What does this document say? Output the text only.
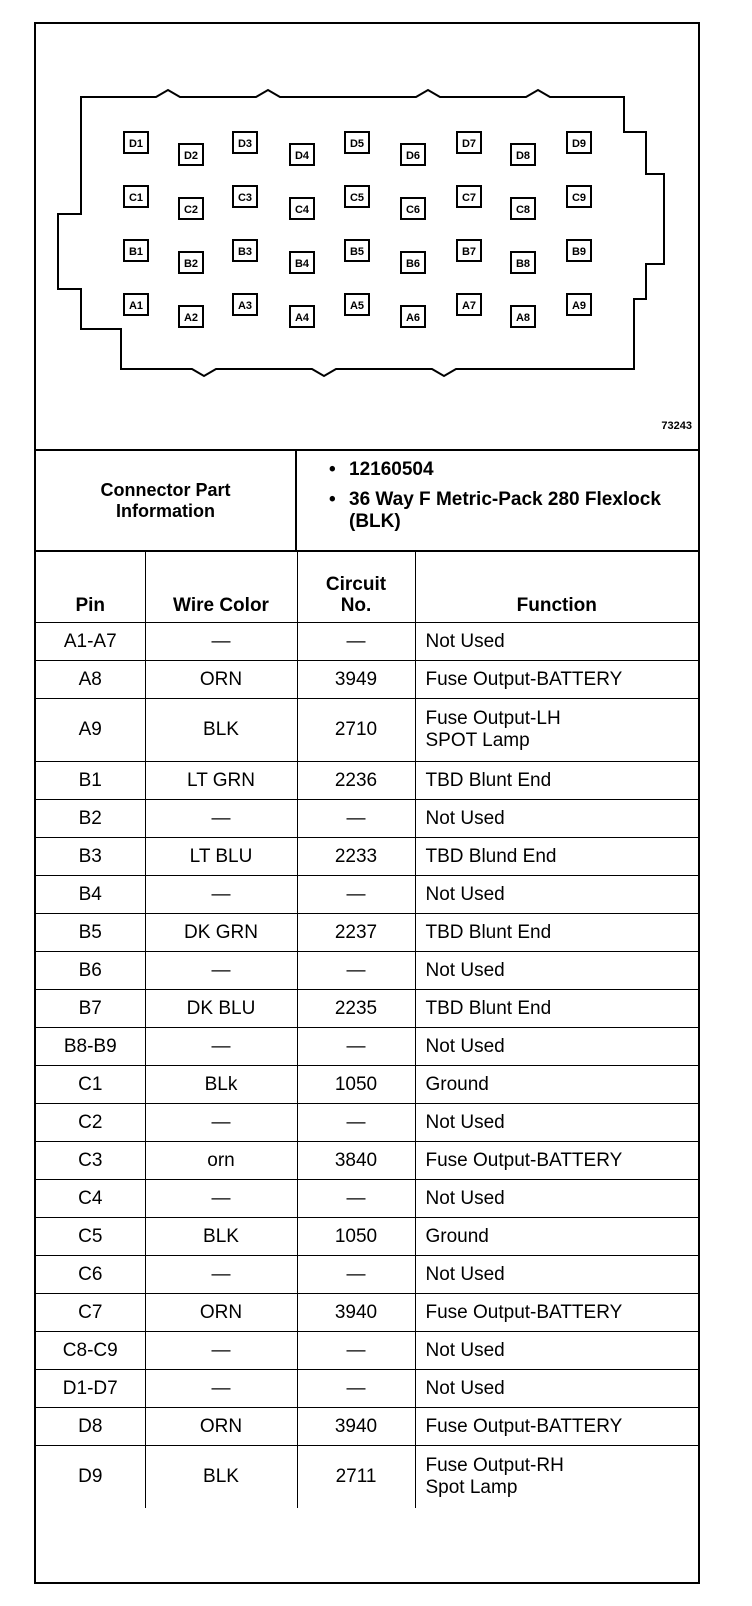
D1
D2
D3
D4
D5
D6
D7
D8
D9
C1
C2
C3
C4
C5
C6
C7
C8
C9
B1
B2
B3
B4
B5
B6
B7
B8
B9
A1
A2
A3
A4
A5
A6
A7
A8
A9
73243
Connector Part Information
• 12160504
• 36 Way F Metric-Pack 280 Flexlock (BLK)
Pin	Wire Color	Circuit No.	Function
A1-A7	—	—	Not Used
A8	ORN	3949	Fuse Output-BATTERY
A9	BLK	2710	Fuse Output-LH
SPOT Lamp
B1	LT GRN	2236	TBD Blunt End
B2	—	—	Not Used
B3	LT BLU	2233	TBD Blund End
B4	—	—	Not Used
B5	DK GRN	2237	TBD Blunt End
B6	—	—	Not Used
B7	DK BLU	2235	TBD Blunt End
B8-B9	—	—	Not Used
C1	BLk	1050	Ground
C2	—	—	Not Used
C3	orn	3840	Fuse Output-BATTERY
C4	—	—	Not Used
C5	BLK	1050	Ground
C6	—	—	Not Used
C7	ORN	3940	Fuse Output-BATTERY
C8-C9	—	—	Not Used
D1-D7	—	—	Not Used
D8	ORN	3940	Fuse Output-BATTERY
D9	BLK	2711	Fuse Output-RH
Spot Lamp
